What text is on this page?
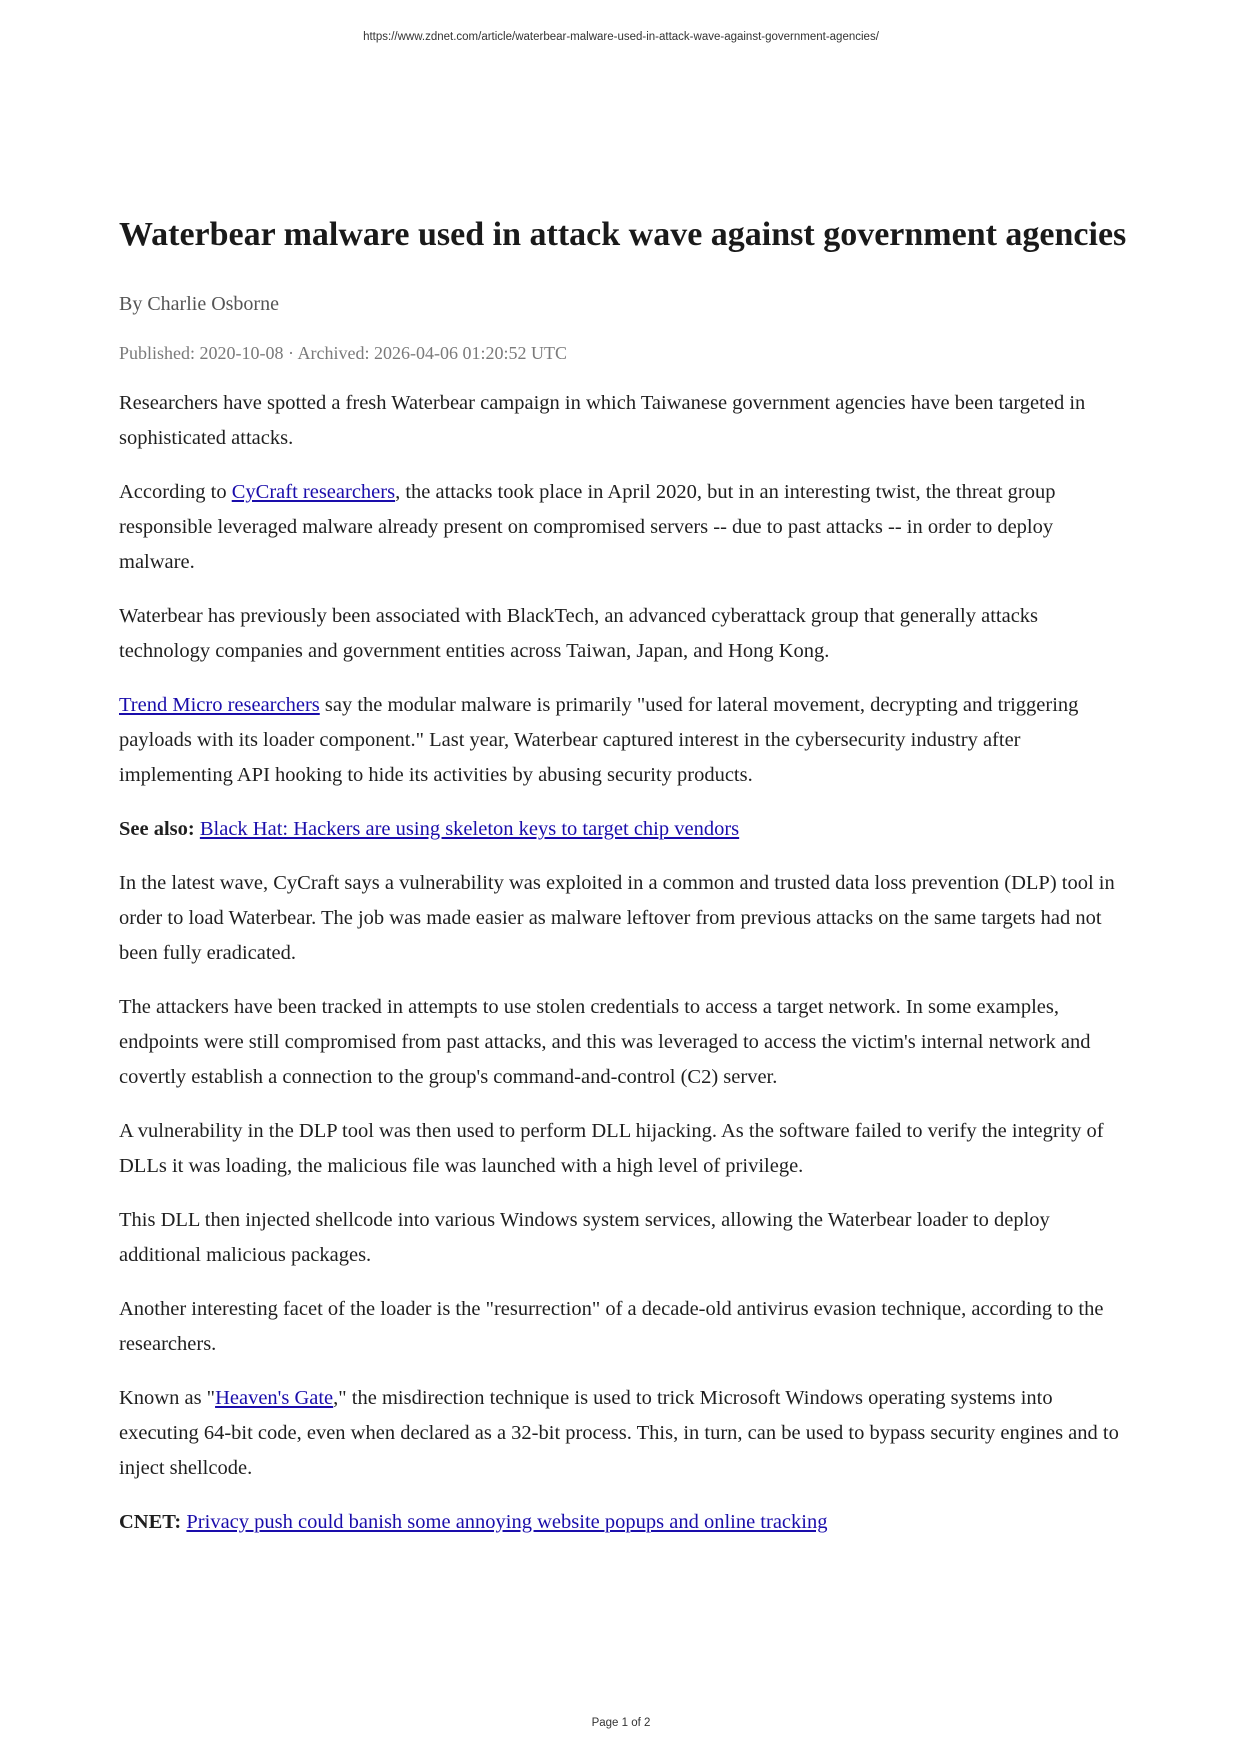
https://www.zdnet.com/article/waterbear-malware-used-in-attack-wave-against-government-agencies/
Waterbear malware used in attack wave against government agencies

By Charlie Osborne

Published: 2020-10-08 · Archived: 2026-04-06 01:20:52 UTC

Researchers have spotted a fresh Waterbear campaign in which Taiwanese government agencies have been targeted in sophisticated attacks.

According to CyCraft researchers, the attacks took place in April 2020, but in an interesting twist, the threat group responsible leveraged malware already present on compromised servers -- due to past attacks -- in order to deploy malware.

Waterbear has previously been associated with BlackTech, an advanced cyberattack group that generally attacks technology companies and government entities across Taiwan, Japan, and Hong Kong.

Trend Micro researchers say the modular malware is primarily "used for lateral movement, decrypting and triggering payloads with its loader component." Last year, Waterbear captured interest in the cybersecurity industry after implementing API hooking to hide its activities by abusing security products.

See also: Black Hat: Hackers are using skeleton keys to target chip vendors

In the latest wave, CyCraft says a vulnerability was exploited in a common and trusted data loss prevention (DLP) tool in order to load Waterbear. The job was made easier as malware leftover from previous attacks on the same targets had not been fully eradicated.

The attackers have been tracked in attempts to use stolen credentials to access a target network. In some examples, endpoints were still compromised from past attacks, and this was leveraged to access the victim's internal network and covertly establish a connection to the group's command-and-control (C2) server.

A vulnerability in the DLP tool was then used to perform DLL hijacking. As the software failed to verify the integrity of DLLs it was loading, the malicious file was launched with a high level of privilege.

This DLL then injected shellcode into various Windows system services, allowing the Waterbear loader to deploy additional malicious packages.

Another interesting facet of the loader is the "resurrection" of a decade-old antivirus evasion technique, according to the researchers.

Known as "Heaven's Gate," the misdirection technique is used to trick Microsoft Windows operating systems into executing 64-bit code, even when declared as a 32-bit process. This, in turn, can be used to bypass security engines and to inject shellcode.

CNET: Privacy push could banish some annoying website popups and online tracking

Page 1 of 2
